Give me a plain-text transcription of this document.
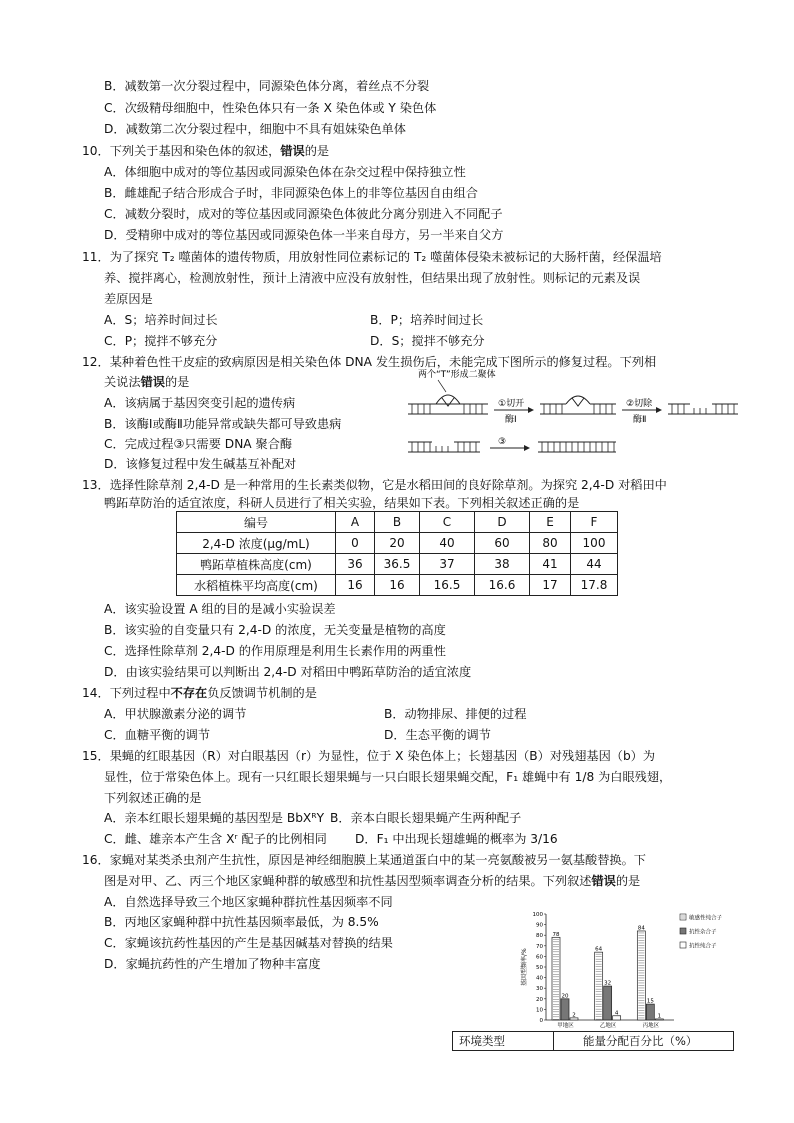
B．减数第一次分裂过程中，同源染色体分离，着丝点不分裂
C．次级精母细胞中，性染色体只有一条 X 染色体或 Y 染色体
D．减数第二次分裂过程中，细胞中不具有姐妹染色单体
10．下列关于基因和染色体的叙述，错误的是
A．体细胞中成对的等位基因或同源染色体在杂交过程中保持独立性
B．雌雄配子结合形成合子时，非同源染色体上的非等位基因自由组合
C．减数分裂时，成对的等位基因或同源染色体彼此分离分别进入不同配子
D．受精卵中成对的等位基因或同源染色体一半来自母方，另一半来自父方
11．为了探究 T₂ 噬菌体的遗传物质，用放射性同位素标记的 T₂ 噬菌体侵染未被标记的大肠杆菌，经保温培
养、搅拌离心，检测放射性，预计上清液中应没有放射性，但结果出现了放射性。则标记的元素及误
差原因是
A．S；培养时间过长	B．P；培养时间过长
C．P；搅拌不够充分	D．S；搅拌不够充分
12．某种着色性干皮症的致病原因是相关染色体 DNA 发生损伤后，未能完成下图所示的修复过程。下列相
关说法错误的是
A．该病属于基因突变引起的遗传病
B．该酶Ⅰ或酶Ⅱ功能异常或缺失都可导致患病
C．完成过程③只需要 DNA 聚合酶
D．该修复过程中发生碱基互补配对
两个“T”形成二聚体
①切开
酶Ⅰ
②切除
酶Ⅱ
③
13．选择性除草剂 2,4-D 是一种常用的生长素类似物，它是水稻田间的良好除草剂。为探究 2,4-D 对稻田中
鸭跖草防治的适宜浓度，科研人员进行了相关实验，结果如下表。下列相关叙述正确的是
编号	A	B	C	D	E	F
2,4-D 浓度(μg/mL)	0	20	40	60	80	100
鸭跖草植株高度(cm)	36	36.5	37	38	41	44
水稻植株平均高度(cm)	16	16	16.5	16.6	17	17.8
A．该实验设置 A 组的目的是减小实验误差
B．该实验的自变量只有 2,4-D 的浓度，无关变量是植物的高度
C．选择性除草剂 2,4-D 的作用原理是利用生长素作用的两重性
D．由该实验结果可以判断出 2,4-D 对稻田中鸭跖草防治的适宜浓度
14．下列过程中不存在负反馈调节机制的是
A．甲状腺激素分泌的调节	B．动物排尿、排便的过程
C．血糖平衡的调节	D．生态平衡的调节
15．果蝇的红眼基因（R）对白眼基因（r）为显性，位于 X 染色体上；长翅基因（B）对残翅基因（b）为
显性，位于常染色体上。现有一只红眼长翅果蝇与一只白眼长翅果蝇交配，F₁ 雄蝇中有 1/8 为白眼残翅，
下列叙述正确的是
A．亲本红眼长翅果蝇的基因型是 BbXᴿY B．亲本白眼长翅果蝇产生两种配子
C．雌、雄亲本产生含 Xʳ 配子的比例相同 D．F₁ 中出现长翅雄蝇的概率为 3/16
16．家蝇对某类杀虫剂产生抗性，原因是神经细胞膜上某通道蛋白中的某一亮氨酸被另一氨基酸替换。下
图是对甲、乙、丙三个地区家蝇种群的敏感型和抗性基因型频率调查分析的结果。下列叙述错误的是
A．自然选择导致三个地区家蝇种群抗性基因频率不同
B．丙地区家蝇种群中抗性基因频率最低，为 8.5%
C．家蝇该抗药性基因的产生是基因碱基对替换的结果
D．家蝇抗药性的产生增加了物种丰富度
0
10
20
30
40
50
60
70
80
90
100
78
20
2
甲地区
64
32
4
乙地区
84
15
1
丙地区
敏感性纯合子
抗性杂合子
抗性纯合子
基因型频率/%
环境类型	能量分配百分比（%）
